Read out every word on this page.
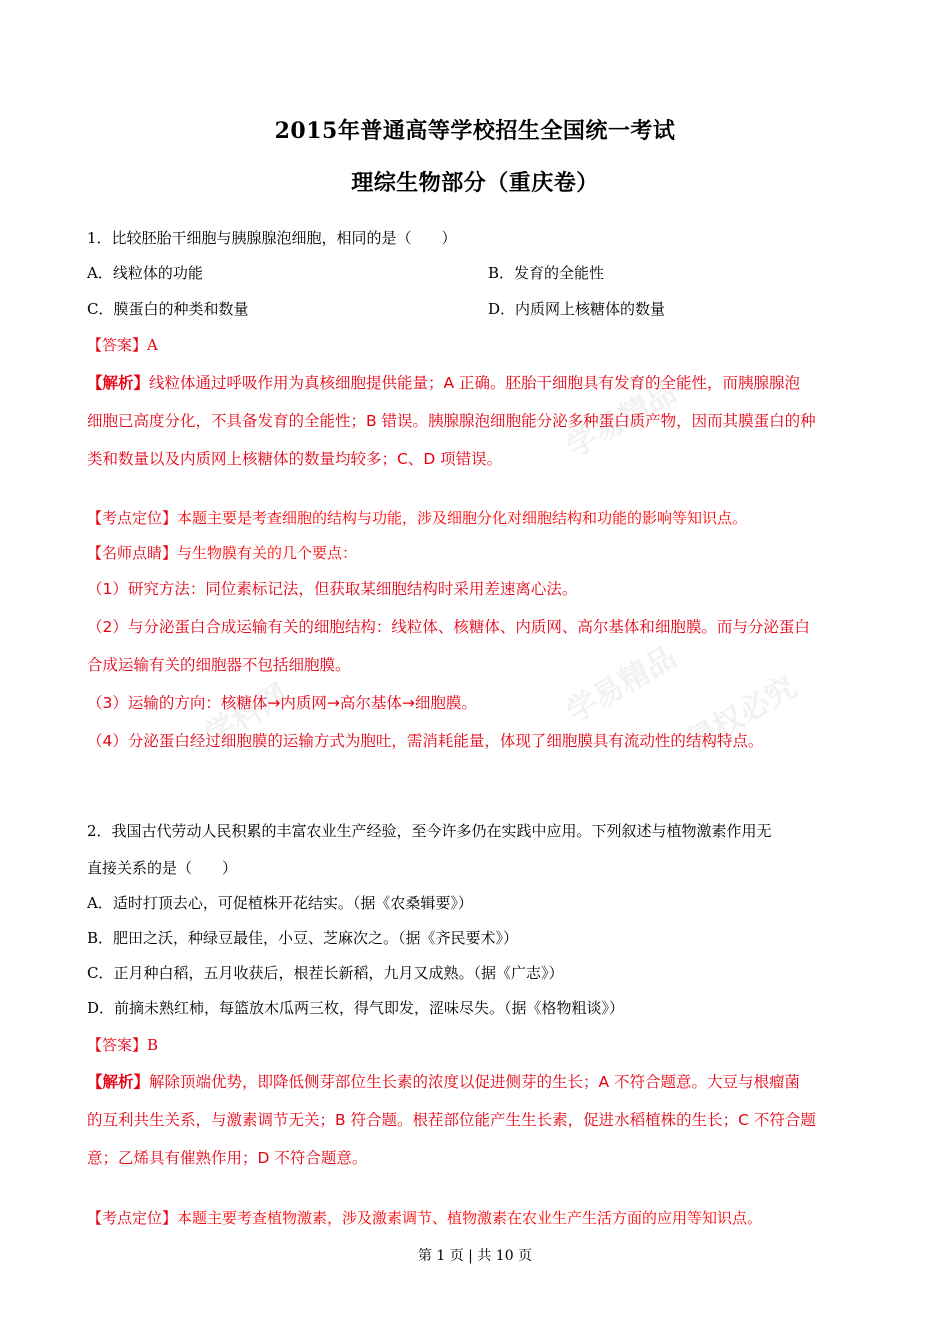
学易精品
学科网	学易精品
侵权必究
2015年普通高等学校招生全国统一考试
理综生物部分（重庆卷）
1．比较胚胎干细胞与胰腺腺泡细胞，相同的是（　　）
A．线粒体的功能	B．发育的全能性
C．膜蛋白的种类和数量	D．内质网上核糖体的数量
【答案】A
【解析】线粒体通过呼吸作用为真核细胞提供能量；A 正确。胚胎干细胞具有发育的全能性，而胰腺腺泡
细胞已高度分化，不具备发育的全能性；B 错误。胰腺腺泡细胞能分泌多种蛋白质产物，因而其膜蛋白的种
类和数量以及内质网上核糖体的数量均较多；C、D 项错误。
【考点定位】本题主要是考查细胞的结构与功能，涉及细胞分化对细胞结构和功能的影响等知识点。
【名师点睛】与生物膜有关的几个要点：
（1）研究方法：同位素标记法，但获取某细胞结构时采用差速离心法。
（2）与分泌蛋白合成运输有关的细胞结构：线粒体、核糖体、内质网、高尔基体和细胞膜。而与分泌蛋白
合成运输有关的细胞器不包括细胞膜。
（3）运输的方向：核糖体→内质网→高尔基体→细胞膜。
（4）分泌蛋白经过细胞膜的运输方式为胞吐，需消耗能量，体现了细胞膜具有流动性的结构特点。
2．我国古代劳动人民积累的丰富农业生产经验，至今许多仍在实践中应用。下列叙述与植物激素作用无
直接关系的是（　　）
A．适时打顶去心，可促植株开花结实。（据《农桑辑要》）
B．肥田之沃，种绿豆最佳，小豆、芝麻次之。（据《齐民要术》）
C．正月种白稻，五月收获后，根茬长新稻，九月又成熟。（据《广志》）
D．前摘未熟红柿，每篮放木瓜两三枚，得气即发，涩味尽失。（据《格物粗谈》）
【答案】B
【解析】解除顶端优势，即降低侧芽部位生长素的浓度以促进侧芽的生长；A 不符合题意。大豆与根瘤菌
的互利共生关系，与激素调节无关；B 符合题。根茬部位能产生生长素，促进水稻植株的生长；C 不符合题
意；乙烯具有催熟作用；D 不符合题意。
【考点定位】本题主要考查植物激素，涉及激素调节、植物激素在农业生产生活方面的应用等知识点。
第 1 页 | 共 10 页
